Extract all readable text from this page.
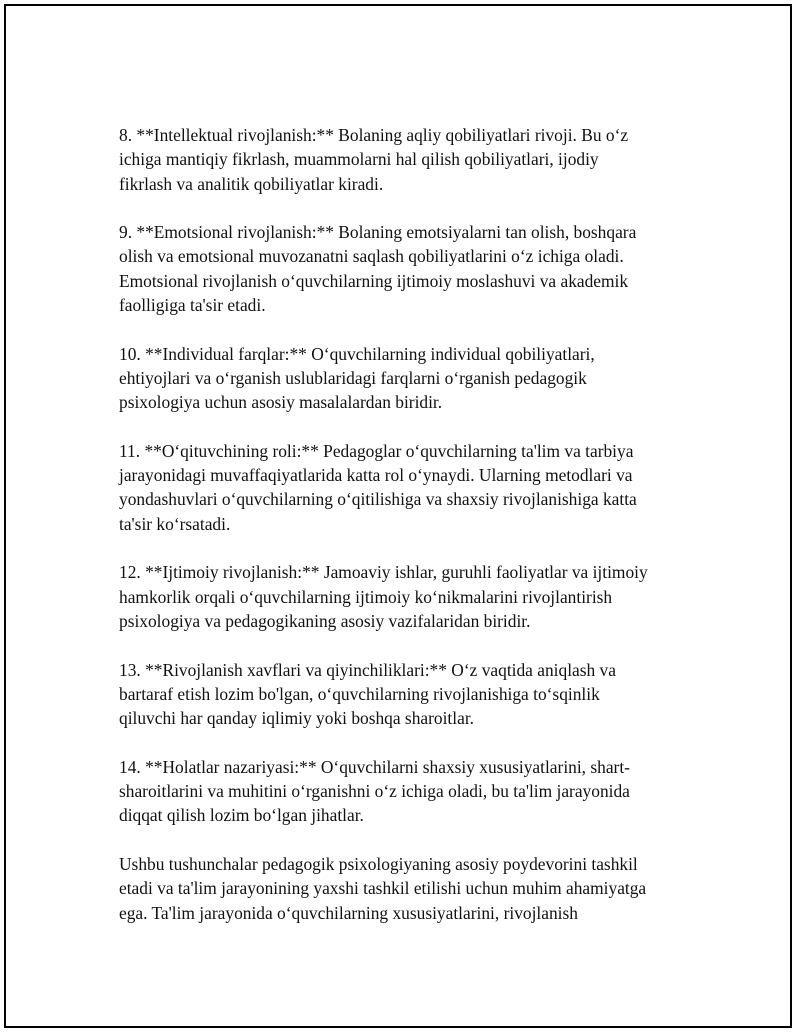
8. **Intellektual rivojlanish:** Bolaning aqliy qobiliyatlari rivoji. Bu o‘z
ichiga mantiqiy fikrlash, muammolarni hal qilish qobiliyatlari, ijodiy
fikrlash va analitik qobiliyatlar kiradi.

9. **Emotsional rivojlanish:** Bolaning emotsiyalarni tan olish, boshqara
olish va emotsional muvozanatni saqlash qobiliyatlarini o‘z ichiga oladi.
Emotsional rivojlanish o‘quvchilarning ijtimoiy moslashuvi va akademik
faolligiga ta'sir etadi.

10. **Individual farqlar:** O‘quvchilarning individual qobiliyatlari,
ehtiyojlari va o‘rganish uslublaridagi farqlarni o‘rganish pedagogik
psixologiya uchun asosiy masalalardan biridir.

11. **O‘qituvchining roli:** Pedagoglar o‘quvchilarning ta'lim va tarbiya
jarayonidagi muvaffaqiyatlarida katta rol o‘ynaydi. Ularning metodlari va
yondashuvlari o‘quvchilarning o‘qitilishiga va shaxsiy rivojlanishiga katta
ta'sir ko‘rsatadi.

12. **Ijtimoiy rivojlanish:** Jamoaviy ishlar, guruhli faoliyatlar va ijtimoiy
hamkorlik orqali o‘quvchilarning ijtimoiy ko‘nikmalarini rivojlantirish
psixologiya va pedagogikaning asosiy vazifalaridan biridir.

13. **Rivojlanish xavflari va qiyinchiliklari:** O‘z vaqtida aniqlash va
bartaraf etish lozim bo'lgan, o‘quvchilarning rivojlanishiga to‘sqinlik
qiluvchi har qanday iqlimiy yoki boshqa sharoitlar.

14. **Holatlar nazariyasi:** O‘quvchilarni shaxsiy xususiyatlarini, shart-
sharoitlarini va muhitini o‘rganishni o‘z ichiga oladi, bu ta'lim jarayonida
diqqat qilish lozim bo‘lgan jihatlar.

Ushbu tushunchalar pedagogik psixologiyaning asosiy poydevorini tashkil
etadi va ta'lim jarayonining yaxshi tashkil etilishi uchun muhim ahamiyatga
ega. Ta'lim jarayonida o‘quvchilarning xususiyatlarini, rivojlanish
